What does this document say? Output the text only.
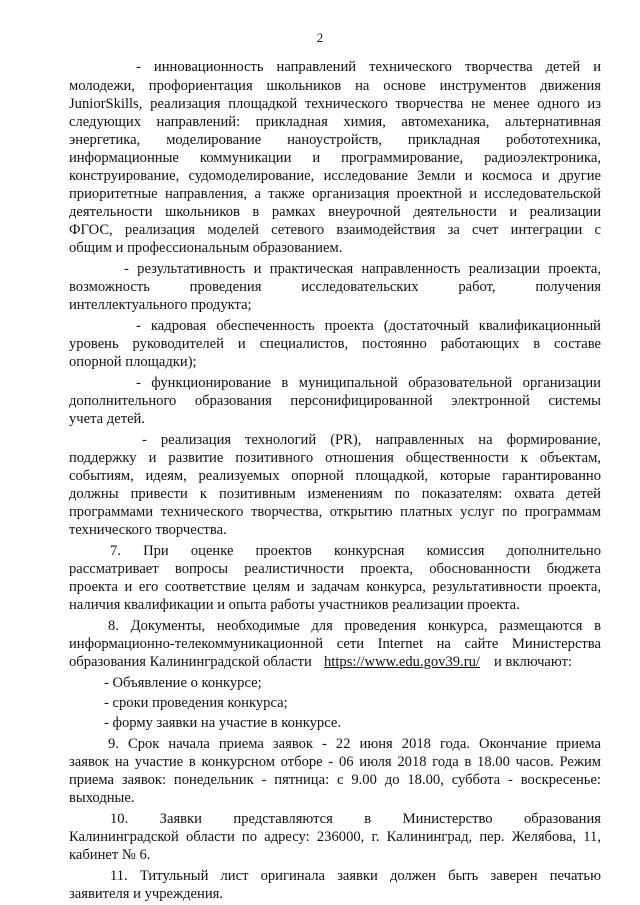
2
- инновационность направлений технического творчества детей и
молодежи, профориентация школьников на основе инструментов движения
JuniorSkills, реализация площадкой технического творчества не менее одного из
следующих направлений: прикладная химия, автомеханика, альтернативная
энергетика, моделирование наноустройств, прикладная робототехника,
информационные коммуникации и программирование, радиоэлектроника,
конструирование, судомоделирование, исследование Земли и космоса и другие
приоритетные направления, а также организация проектной и исследовательской
деятельности школьников в рамках внеурочной деятельности и реализации
ФГОС, реализация моделей сетевого взаимодействия за счет интеграции с
общим и профессиональным образованием.
- результативность и практическая направленность реализации проекта,
возможность проведения исследовательских работ, получения
интеллектуального продукта;
- кадровая обеспеченность проекта (достаточный квалификационный
уровень руководителей и специалистов, постоянно работающих в составе
опорной площадки);
- функционирование в муниципальной образовательной организации
дополнительного образования персонифицированной электронной системы
учета детей.
- реализация технологий (PR), направленных на формирование,
поддержку и развитие позитивного отношения общественности к объектам,
событиям, идеям, реализуемых опорной площадкой, которые гарантированно
должны привести к позитивным изменениям по показателям: охвата детей
программами технического творчества, открытию платных услуг по программам
технического творчества.
7. При оценке проектов конкурсная комиссия дополнительно
рассматривает вопросы реалистичности проекта, обоснованности бюджета
проекта и его соответствие целям и задачам конкурса, результативности проекта,
наличия квалификации и опыта работы участников реализации проекта.
8. Документы, необходимые для проведения конкурса, размещаются в
информационно-телекоммуникационной сети Internet на сайте Министерства
образования Калининградской области https://www.edu.gov39.ru/ и включают:
- Объявление о конкурсе;
- сроки проведения конкурса;
- форму заявки на участие в конкурсе.
9. Срок начала приема заявок - 22 июня 2018 года. Окончание приема
заявок на участие в конкурсном отборе - 06 июля 2018 года в 18.00 часов. Режим
приема заявок: понедельник - пятница: с 9.00 до 18.00, суббота - воскресенье:
выходные.
10. Заявки представляются в Министерство образования
Калининградской области по адресу: 236000, г. Калининград, пер. Желябова, 11,
кабинет № 6.
11. Титульный лист оригинала заявки должен быть заверен печатью
заявителя и учреждения.
